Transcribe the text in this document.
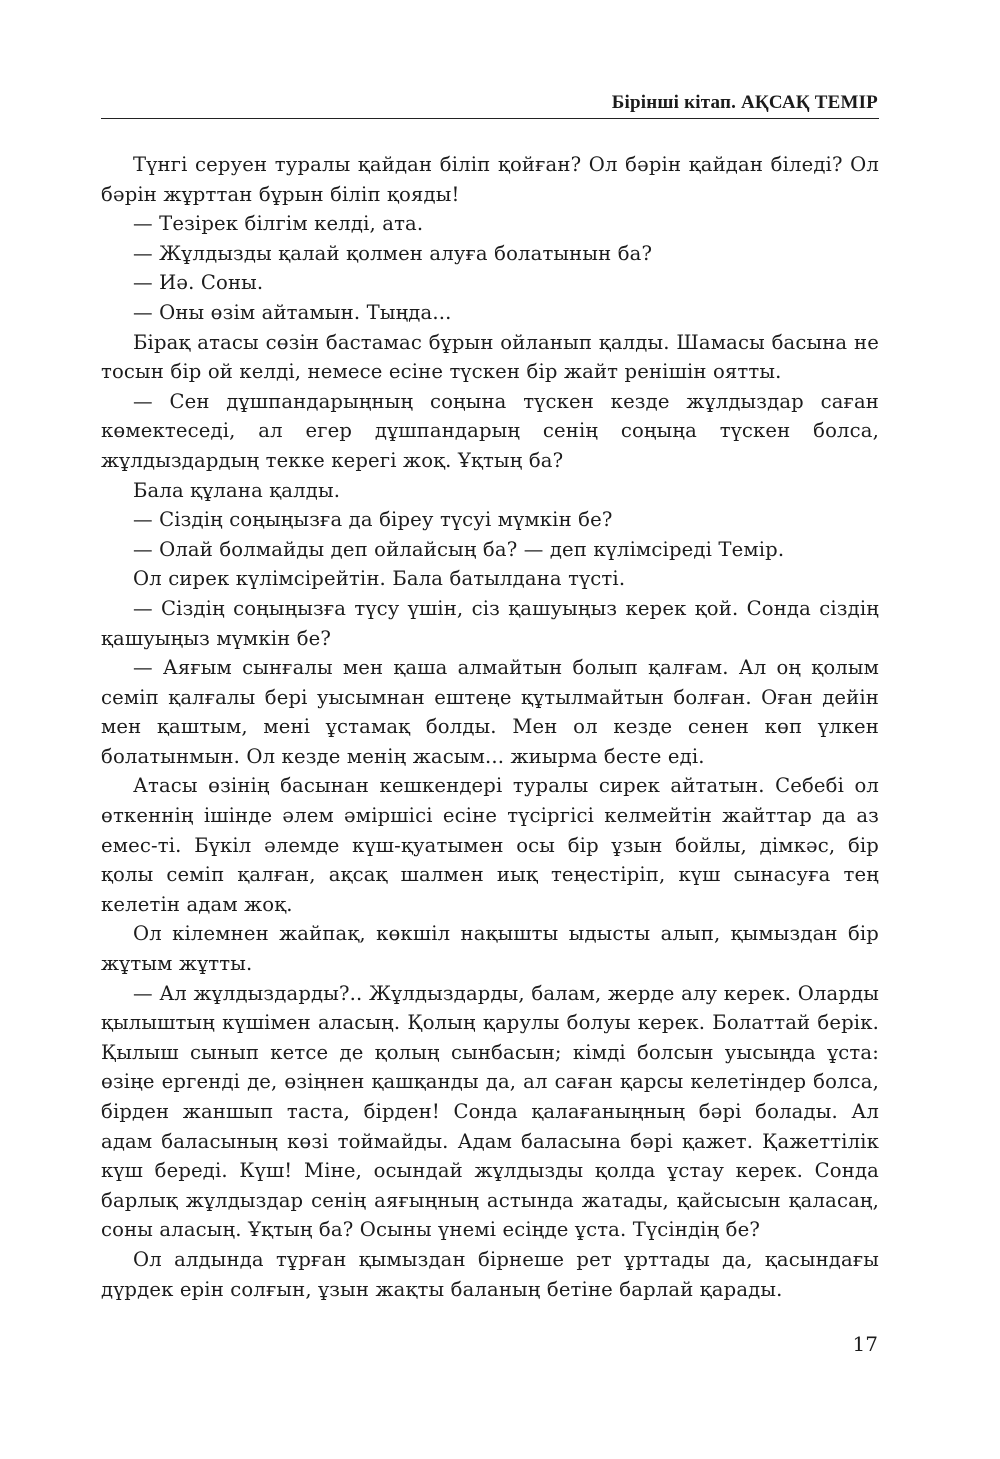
Бірінші кітап. АҚСАҚ ТЕМІР

Түнгі серуен туралы қайдан біліп қойған? Ол бәрін қайдан біледі? Ол бәрін жұрттан бұрын біліп қояды!

— Тезірек білгім келді, ата.

— Жұлдызды қалай қолмен алуға болатынын ба?

— Иә. Соны.

— Оны өзім айтамын. Тыңда...

Бірақ атасы сөзін бастамас бұрын ойланып қалды. Шамасы басына не тосын бір ой келді, немесе есіне түскен бір жайт ренішін оятты.

— Сен дұшпандарыңның соңына түскен кезде жұлдыздар саған көмектеседі, ал егер дұшпандарың сенің соңыңа түскен болса, жұлдыздардың текке керегі жоқ. Ұқтың ба?

Бала құлана қалды.

— Сіздің соңыңызға да біреу түсуі мүмкін бе?

— Олай болмайды деп ойлайсың ба? — деп күлімсіреді Темір.

Ол сирек күлімсірейтін. Бала батылдана түсті.

— Сіздің соңыңызға түсу үшін, сіз қашуыңыз керек қой. Сонда сіздің қашуыңыз мүмкін бе?

— Аяғым сынғалы мен қаша алмайтын болып қалғам. Ал оң қолым семіп қалғалы бері уысымнан ештеңе құтылмайтын болған. Оған дейін мен қаштым, мені ұстамақ болды. Мен ол кезде сенен көп үлкен болатынмын. Ол кезде менің жасым... жиырма бесте еді.

Атасы өзінің басынан кешкендері туралы сирек айтатын. Себебі ол өткеннің ішінде әлем әміршісі есіне түсіргісі келмейтін жайттар да аз емес-ті. Бүкіл әлемде күш-қуатымен осы бір ұзын бойлы, дімкәс, бір қолы семіп қалған, ақсақ шалмен иық теңестіріп, күш сынасуға тең келетін адам жоқ.

Ол кілемнен жайпақ, көкшіл нақышты ыдысты алып, қымыздан бір жұтым жұтты.

— Ал жұлдыздарды?.. Жұлдыздарды, балам, жерде алу керек. Оларды қылыштың күшімен аласың. Қолың қарулы болуы керек. Болаттай берік. Қылыш сынып кетсе де қолың сынбасын; кімді болсын уысыңда ұста: өзіңе ергенді де, өзіңнен қашқанды да, ал саған қарсы келетіндер болса, бірден жаншып таста, бірден! Сонда қалағаныңның бәрі болады. Ал адам баласының көзі тоймайды. Адам баласына бәрі қажет. Қажеттілік күш береді. Күш! Міне, осындай жұлдызды қолда ұстау керек. Сонда барлық жұлдыздар сенің аяғыңның астында жатады, қайсысын қаласаң, соны аласың. Ұқтың ба? Осыны үнемі есіңде ұста. Түсіндің бе?

Ол алдында тұрған қымыздан бірнеше рет ұрттады да, қасындағы дүрдек ерін солғын, ұзын жақты баланың бетіне барлай қарады.

17
